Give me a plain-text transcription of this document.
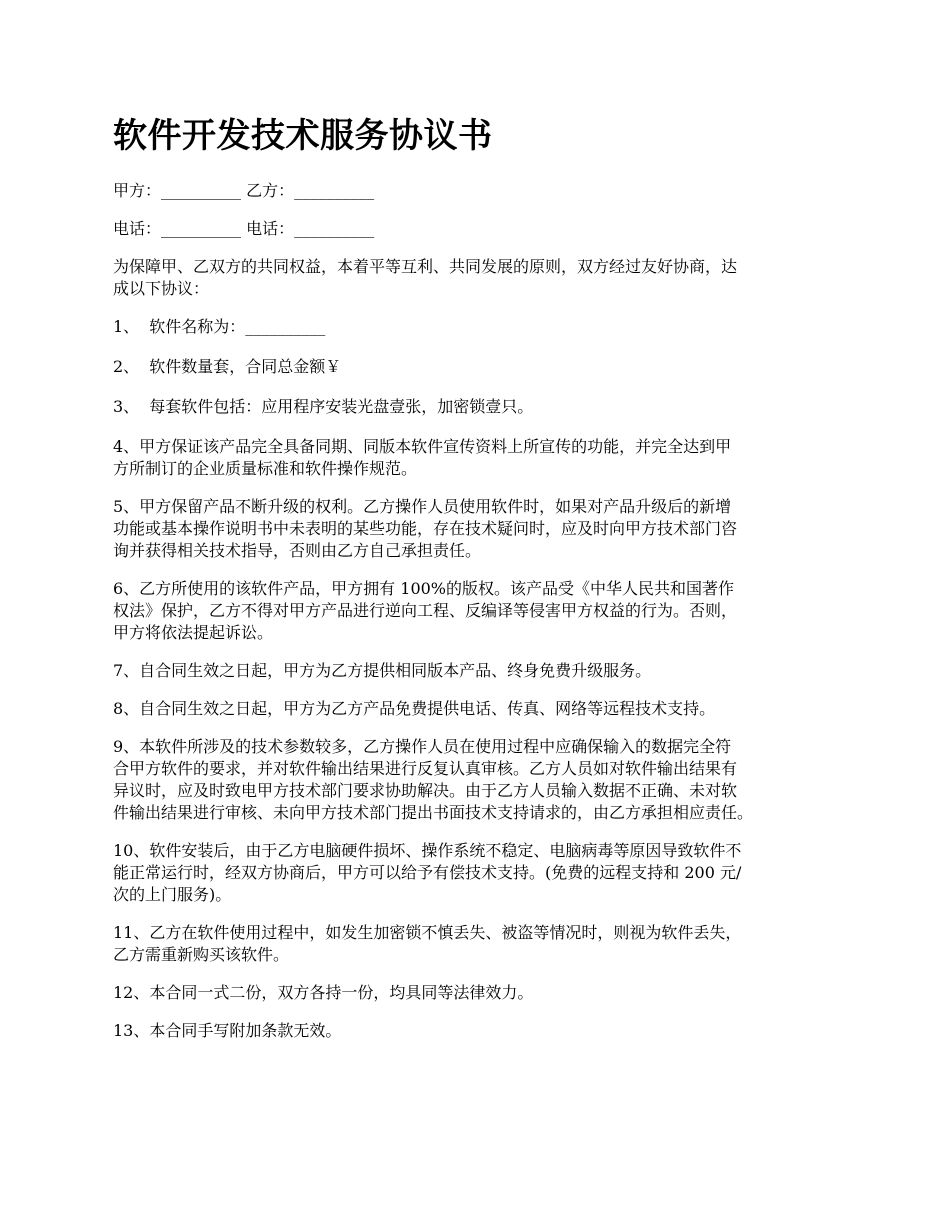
软件开发技术服务协议书
甲方：__________ 乙方：__________
电话：__________ 电话：__________
为保障甲、乙双方的共同权益，本着平等互利、共同发展的原则，双方经过友好协商，达
成以下协议：
1、 软件名称为：__________
2、 软件数量套，合同总金额￥
3、 每套软件包括：应用程序安装光盘壹张，加密锁壹只。
4、甲方保证该产品完全具备同期、同版本软件宣传资料上所宣传的功能，并完全达到甲
方所制订的企业质量标准和软件操作规范。
5、甲方保留产品不断升级的权利。乙方操作人员使用软件时，如果对产品升级后的新增
功能或基本操作说明书中未表明的某些功能，存在技术疑问时，应及时向甲方技术部门咨
询并获得相关技术指导，否则由乙方自己承担责任。
6、乙方所使用的该软件产品，甲方拥有 100%的版权。该产品受《中华人民共和国著作
权法》保护，乙方不得对甲方产品进行逆向工程、反编译等侵害甲方权益的行为。否则，
甲方将依法提起诉讼。
7、自合同生效之日起，甲方为乙方提供相同版本产品、终身免费升级服务。
8、自合同生效之日起，甲方为乙方产品免费提供电话、传真、网络等远程技术支持。
9、本软件所涉及的技术参数较多，乙方操作人员在使用过程中应确保输入的数据完全符
合甲方软件的要求，并对软件输出结果进行反复认真审核。乙方人员如对软件输出结果有
异议时，应及时致电甲方技术部门要求协助解决。由于乙方人员输入数据不正确、未对软
件输出结果进行审核、未向甲方技术部门提出书面技术支持请求的，由乙方承担相应责任。
10、软件安装后，由于乙方电脑硬件损坏、操作系统不稳定、电脑病毒等原因导致软件不
能正常运行时，经双方协商后，甲方可以给予有偿技术支持。(免费的远程支持和 200 元/
次的上门服务)。
11、乙方在软件使用过程中，如发生加密锁不慎丢失、被盗等情况时，则视为软件丢失，
乙方需重新购买该软件。
12、本合同一式二份，双方各持一份，均具同等法律效力。
13、本合同手写附加条款无效。
